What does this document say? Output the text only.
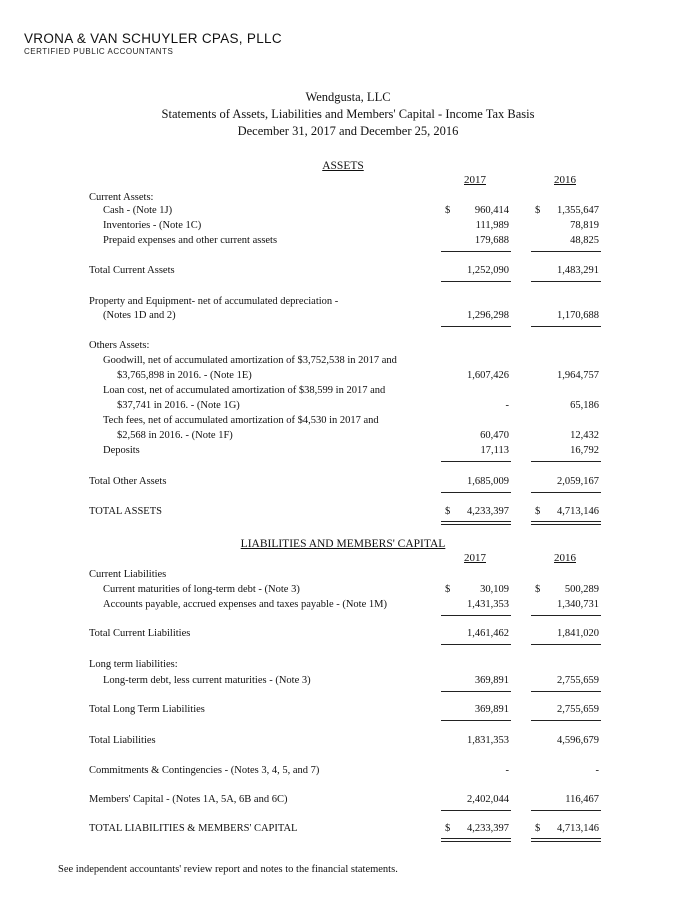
VRONA & VAN SCHUYLER CPAS, PLLC
CERTIFIED PUBLIC ACCOUNTANTS
Wendgusta, LLC
Statements of Assets, Liabilities and Members' Capital - Income Tax Basis
December 31, 2017 and December 25, 2016
ASSETS
2017	2016
Current Assets:
Cash - (Note 1J)	$ 960,414 $ 1,355,647
Inventories - (Note 1C)	111,989	78,819
Prepaid expenses and other current assets	179,688	48,825
Total Current Assets	1,252,090	1,483,291
Property and Equipment- net of accumulated depreciation -
(Notes 1D and 2)	1,296,298	1,170,688
Others Assets:
Goodwill, net of accumulated amortization of $3,752,538 in 2017 and
$3,765,898 in 2016. - (Note 1E)	1,607,426	1,964,757
Loan cost, net of accumulated amortization of $38,599 in 2017 and
$37,741 in 2016. - (Note 1G)	-	65,186
Tech fees, net of accumulated amortization of $4,530 in 2017 and
$2,568 in 2016. - (Note 1F)	60,470	12,432
Deposits	17,113	16,792
Total Other Assets	1,685,009	2,059,167
TOTAL ASSETS	$ 4,233,397 $ 4,713,146
LIABILITIES AND MEMBERS' CAPITAL
2017	2016
Current Liabilities
Current maturities of long-term debt - (Note 3)	$	30,109 $ 500,289
Accounts payable, accrued expenses and taxes payable - (Note 1M)	1,431,353	1,340,731
Total Current Liabilities	1,461,462	1,841,020
Long term liabilities:
Long-term debt, less current maturities - (Note 3)	369,891	2,755,659
Total Long Term Liabilities	369,891	2,755,659
Total Liabilities	1,831,353	4,596,679
Commitments & Contingencies - (Notes 3, 4, 5, and 7)	-	-
Members' Capital - (Notes 1A, 5A, 6B and 6C)	2,402,044	116,467
TOTAL LIABILITIES & MEMBERS' CAPITAL	$ 4,233,397 $ 4,713,146
See independent accountants' review report and notes to the financial statements.
